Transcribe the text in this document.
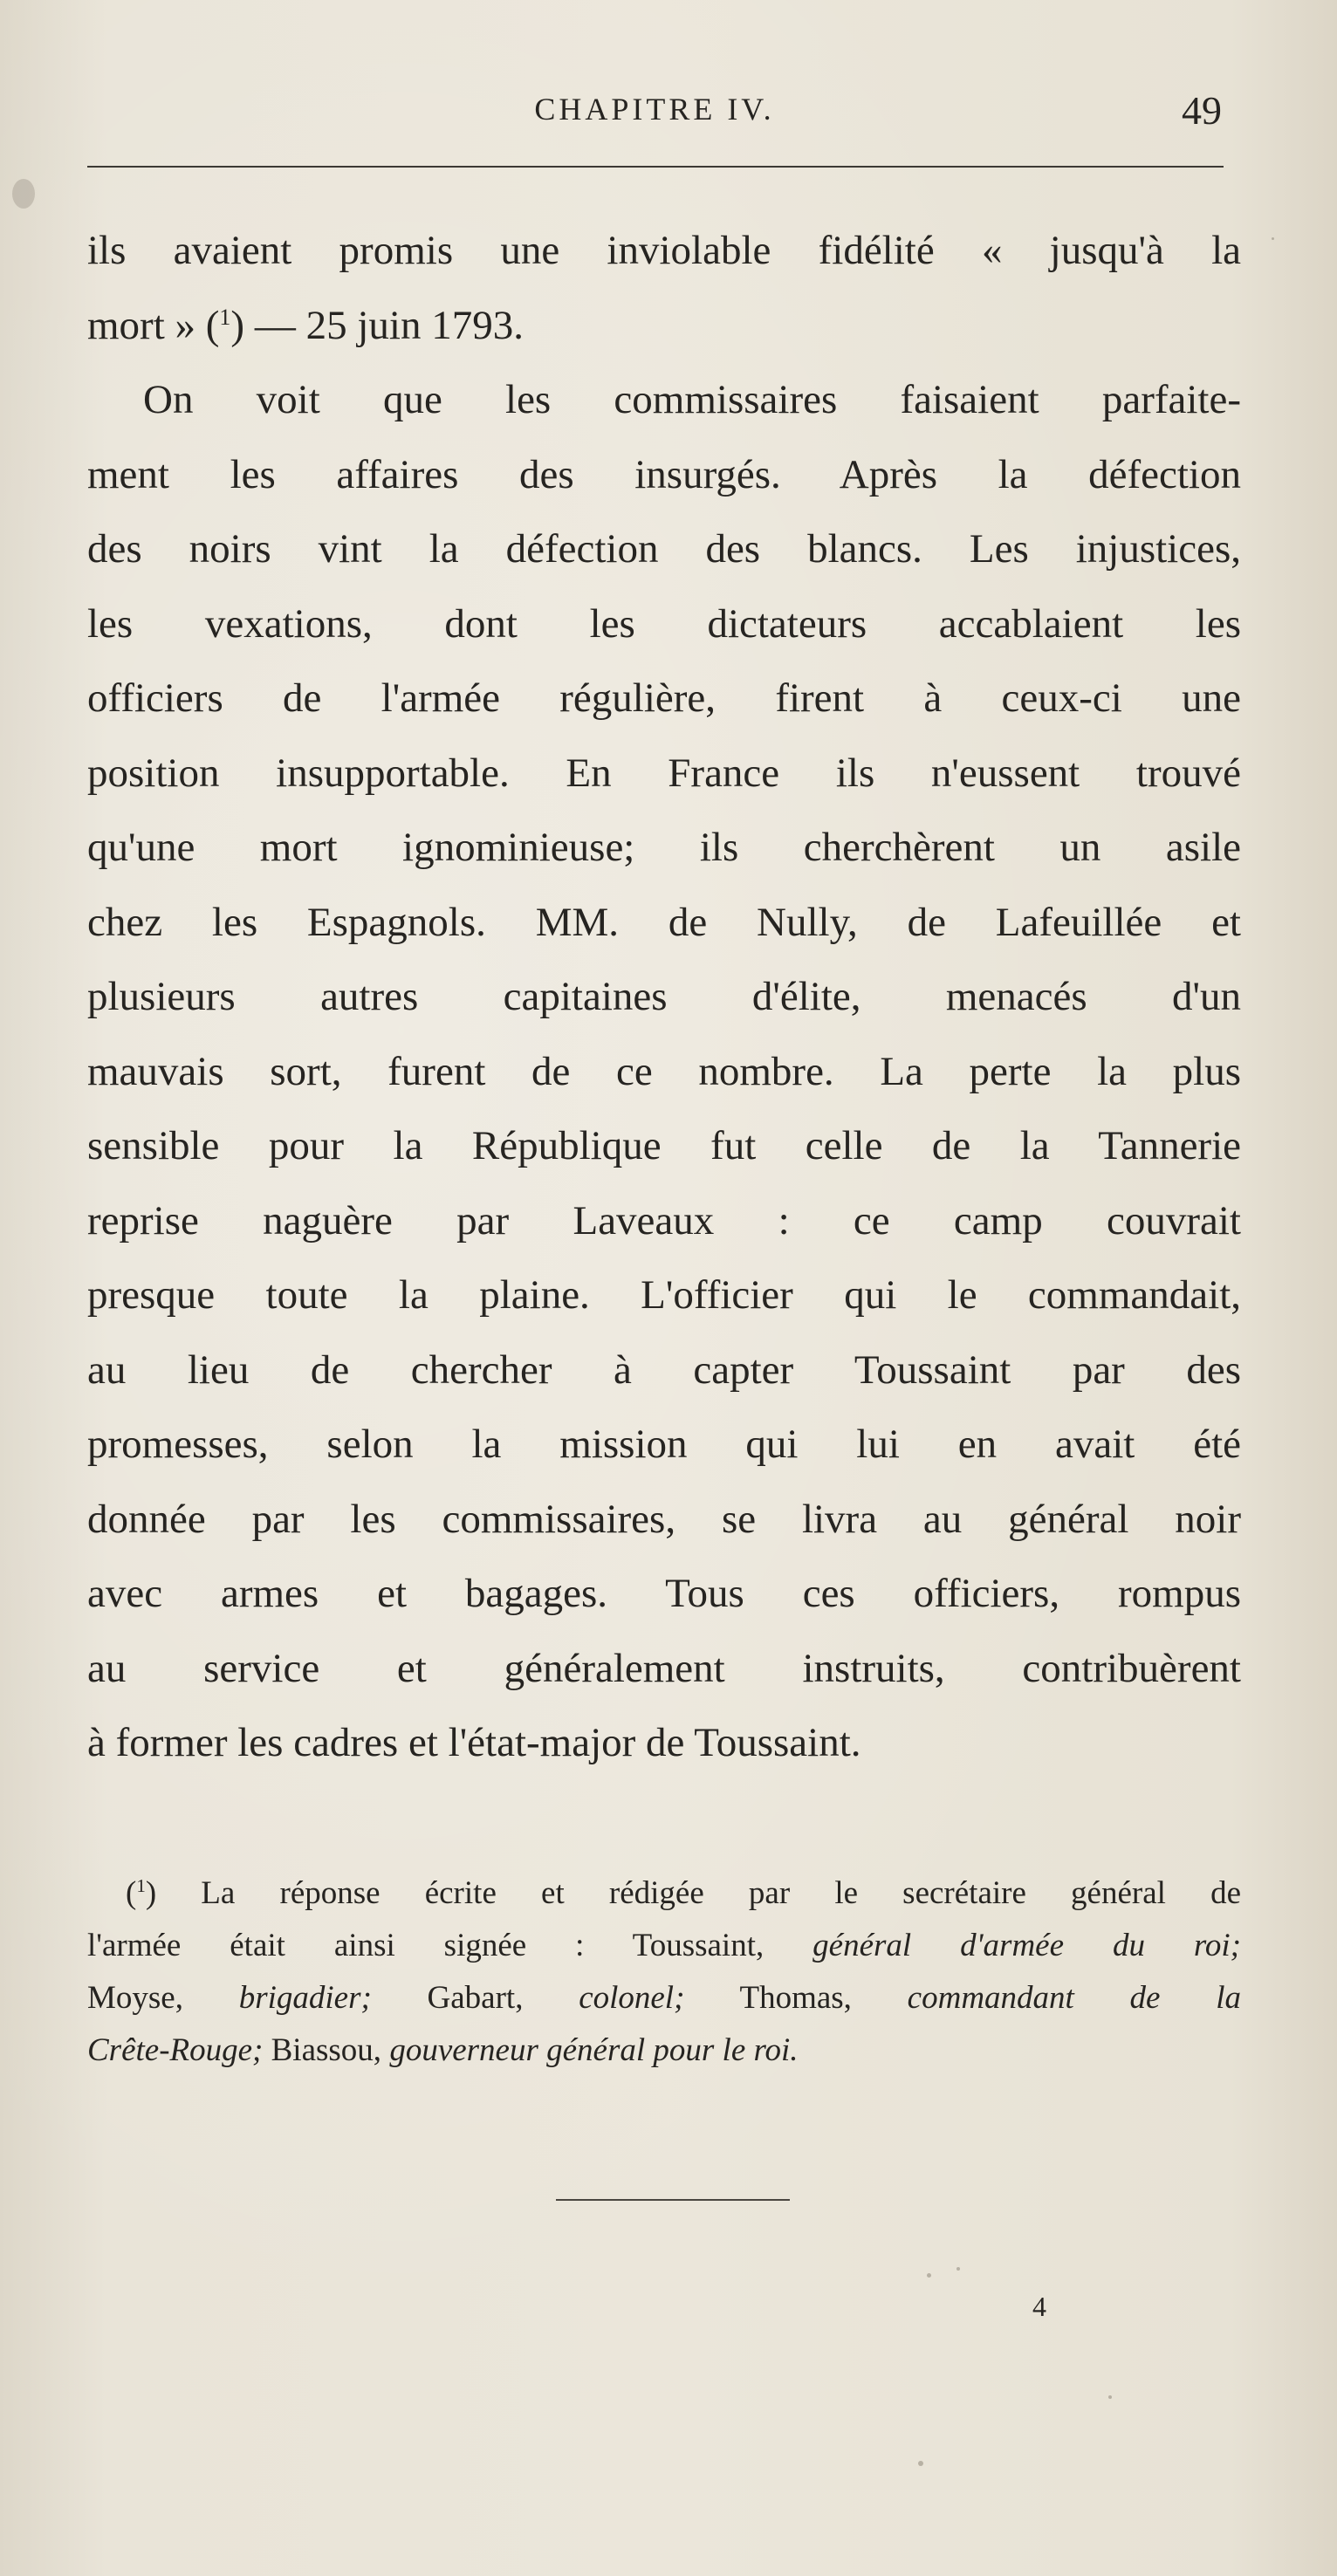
CHAPITRE IV.	49
ils avaient promis une inviolable fidélité « jusqu'à la
mort » ($^1$) — 25 juin 1793.
On voit que les commissaires faisaient parfaite-
ment les affaires des insurgés. Après la défection
des noirs vint la défection des blancs. Les injustices,
les vexations, dont les dictateurs accablaient les
officiers de l'armée régulière, firent à ceux-ci une
position insupportable. En France ils n'eussent trouvé
qu'une mort ignominieuse; ils cherchèrent un asile
chez les Espagnols. MM. de Nully, de Lafeuillée et
plusieurs autres capitaines d'élite, menacés d'un
mauvais sort, furent de ce nombre. La perte la plus
sensible pour la République fut celle de la Tannerie
reprise naguère par Laveaux : ce camp couvrait
presque toute la plaine. L'officier qui le commandait,
au lieu de chercher à capter Toussaint par des
promesses, selon la mission qui lui en avait été
donnée par les commissaires, se livra au général noir
avec armes et bagages. Tous ces officiers, rompus
au service et généralement instruits, contribuèrent
à former les cadres et l'état-major de Toussaint.
($^1$) La réponse écrite et rédigée par le secrétaire général de
l'armée était ainsi signée : Toussaint, général d'armée du roi;
Moyse, brigadier; Gabart, colonel; Thomas, commandant de la
Crête-Rouge; Biassou, gouverneur général pour le roi.
4
